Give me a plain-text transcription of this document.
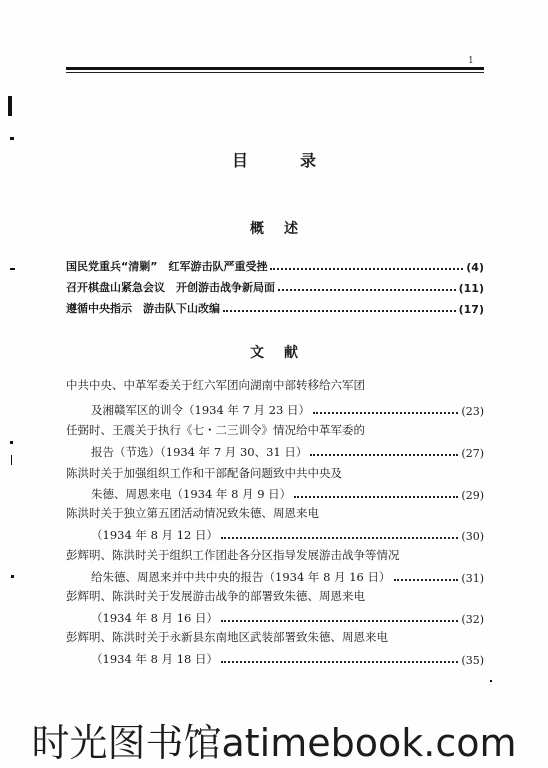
1
目录
概述
国民党重兵“清剿”　红军游击队严重受挫	(4)
召开棋盘山紧急会议　开创游击战争新局面	(11)
遵循中央指示　游击队下山改编	(17)
文献
中共中央、中革军委关于红六军团向湖南中部转移给六军团
及湘赣军区的训令（1934 年 7 月 23 日）	(23)
任弼时、王震关于执行《七・二三训令》情况给中革军委的
报告（节选）（1934 年 7 月 30、31 日）	(27)
陈洪时关于加强组织工作和干部配备问题致中共中央及
朱德、周恩来电（1934 年 8 月 9 日）	(29)
陈洪时关于独立第五团活动情况致朱德、周恩来电
（1934 年 8 月 12 日）	(30)
彭辉明、陈洪时关于组织工作团赴各分区指导发展游击战争等情况
给朱德、周恩来并中共中央的报告（1934 年 8 月 16 日）	(31)
彭辉明、陈洪时关于发展游击战争的部署致朱德、周恩来电
（1934 年 8 月 16 日）	(32)
彭辉明、陈洪时关于永新县东南地区武装部署致朱德、周恩来电
（1934 年 8 月 18 日）	(35)
时光图书馆atimebook.com
